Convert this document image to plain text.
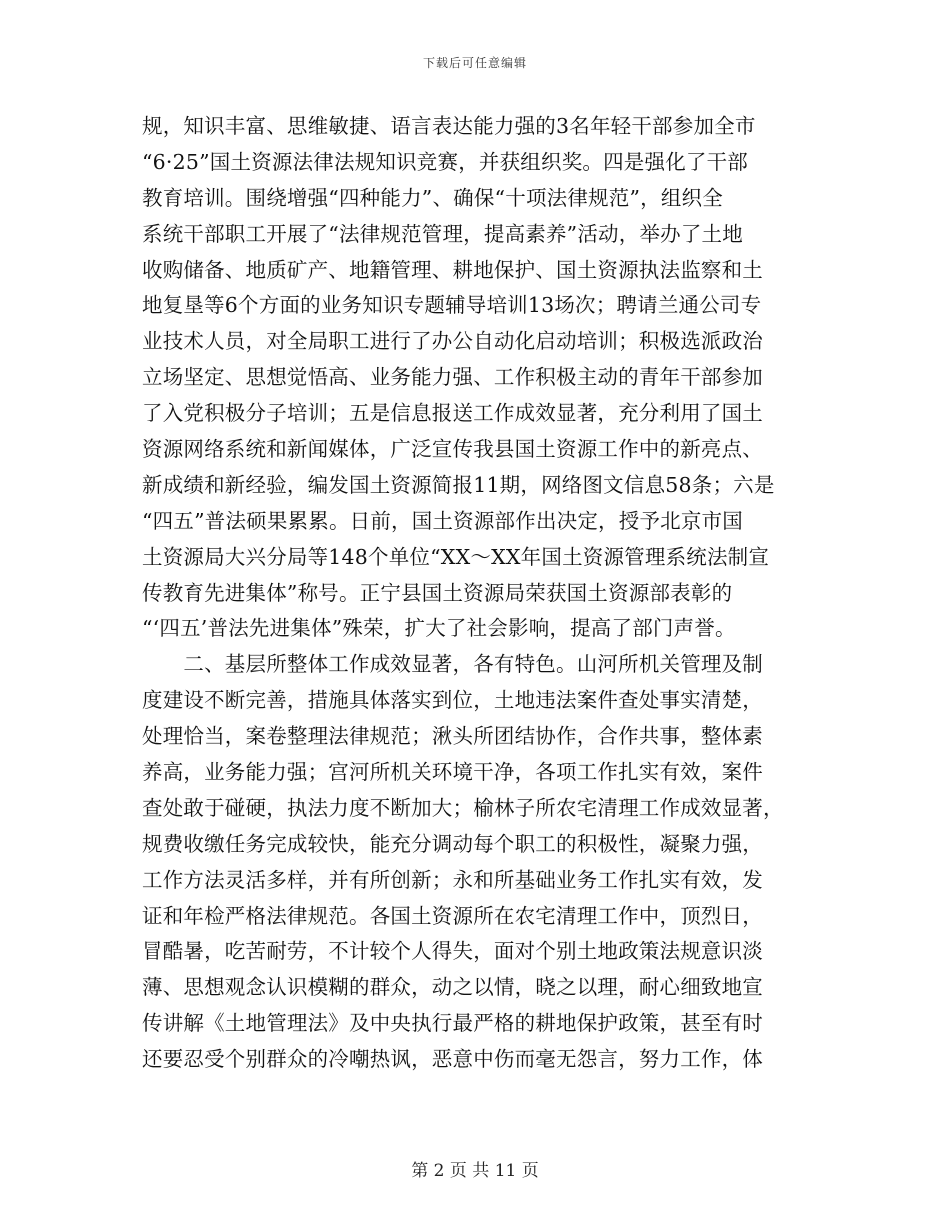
下载后可任意编辑
规，知识丰富、思维敏捷、语言表达能力强的3名年轻干部参加全市
“6·25”国土资源法律法规知识竞赛，并获组织奖。四是强化了干部
教育培训。围绕增强“四种能力”、确保“十项法律规范”，组织全
系统干部职工开展了“法律规范管理，提高素养”活动，举办了土地
收购储备、地质矿产、地籍管理、耕地保护、国土资源执法监察和土
地复垦等6个方面的业务知识专题辅导培训13场次；聘请兰通公司专
业技术人员，对全局职工进行了办公自动化启动培训；积极选派政治
立场坚定、思想觉悟高、业务能力强、工作积极主动的青年干部参加
了入党积极分子培训；五是信息报送工作成效显著，充分利用了国土
资源网络系统和新闻媒体，广泛宣传我县国土资源工作中的新亮点、
新成绩和新经验，编发国土资源简报11期，网络图文信息58条；六是
“四五”普法硕果累累。日前，国土资源部作出决定，授予北京市国
土资源局大兴分局等148个单位“XX～XX年国土资源管理系统法制宣
传教育先进集体”称号。正宁县国土资源局荣获国土资源部表彰的
“‘四五’普法先进集体”殊荣，扩大了社会影响，提高了部门声誉。
　　二、基层所整体工作成效显著，各有特色。山河所机关管理及制
度建设不断完善，措施具体落实到位，土地违法案件查处事实清楚，
处理恰当，案卷整理法律规范；湫头所团结协作，合作共事，整体素
养高，业务能力强；宫河所机关环境干净，各项工作扎实有效，案件
查处敢于碰硬，执法力度不断加大；榆林子所农宅清理工作成效显著，
规费收缴任务完成较快，能充分调动每个职工的积极性，凝聚力强，
工作方法灵活多样，并有所创新；永和所基础业务工作扎实有效，发
证和年检严格法律规范。各国土资源所在农宅清理工作中，顶烈日，
冒酷暑，吃苦耐劳，不计较个人得失，面对个别土地政策法规意识淡
薄、思想观念认识模糊的群众，动之以情，晓之以理，耐心细致地宣
传讲解《土地管理法》及中央执行最严格的耕地保护政策，甚至有时
还要忍受个别群众的冷嘲热讽，恶意中伤而毫无怨言，努力工作，体
第 2 页 共 11 页
